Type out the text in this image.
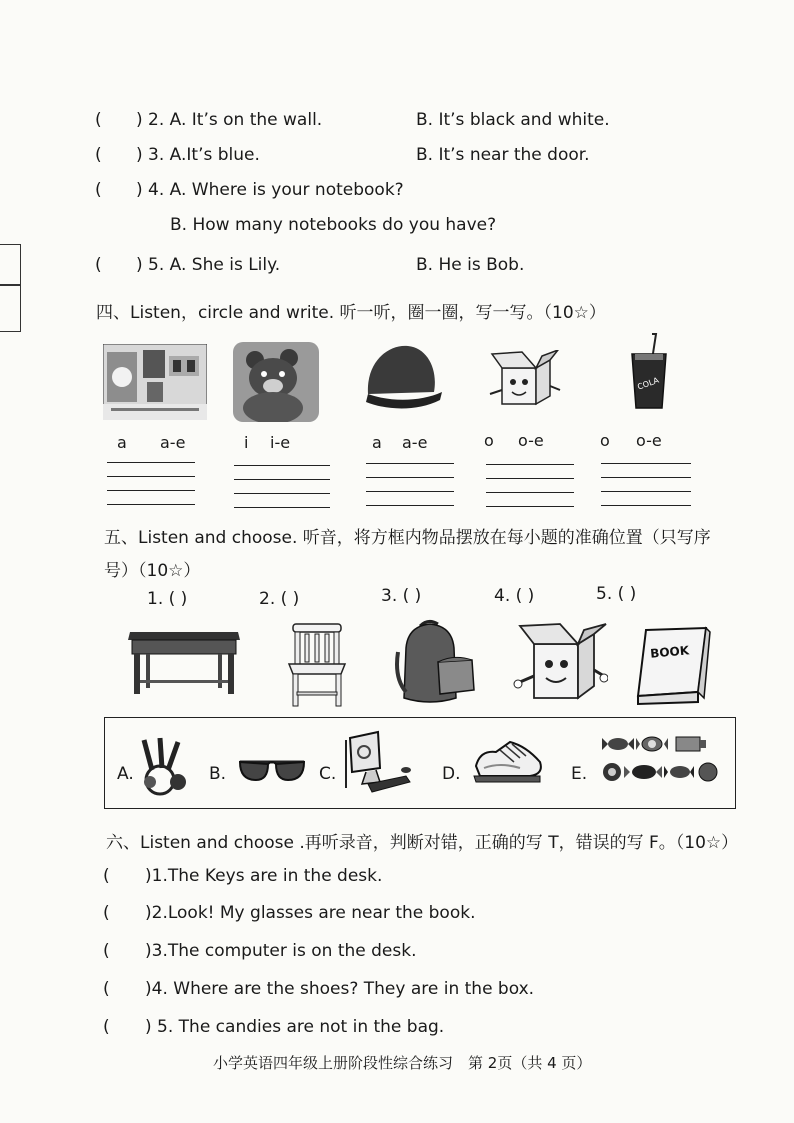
( ) 2. A. It’s on the wall.	B. It’s black and white.
( ) 3. A.It’s blue.	B. It’s near the door.
( ) 4. A. Where is your notebook?
B. How many notebooks do you have?
( ) 5. A. She is Lily.	B. He is Bob.
四、Listen，circle and write. 听一听，圈一圈，写一写。（10☆）
COLA
a a-e	i i-e	a a-e	o o-e	o o-e
五、Listen and choose. 听音，将方框内物品摆放在每小题的准确位置（只写序
号）（10☆）
1. ( )	2. ( )	3. ( )	4. ( )	5. ( )
BOOK
A.	B.	C.	D.	E.
六、Listen and choose .再听录音，判断对错，正确的写 T，错误的写 F。（10☆）
( )1.The Keys are in the desk.
( )2.Look! My glasses are near the book.
( )3.The computer is on the desk.
( )4. Where are the shoes? They are in the box.
( ) 5. The candies are not in the bag.
小学英语四年级上册阶段性综合练习　第 2页（共 4 页）
